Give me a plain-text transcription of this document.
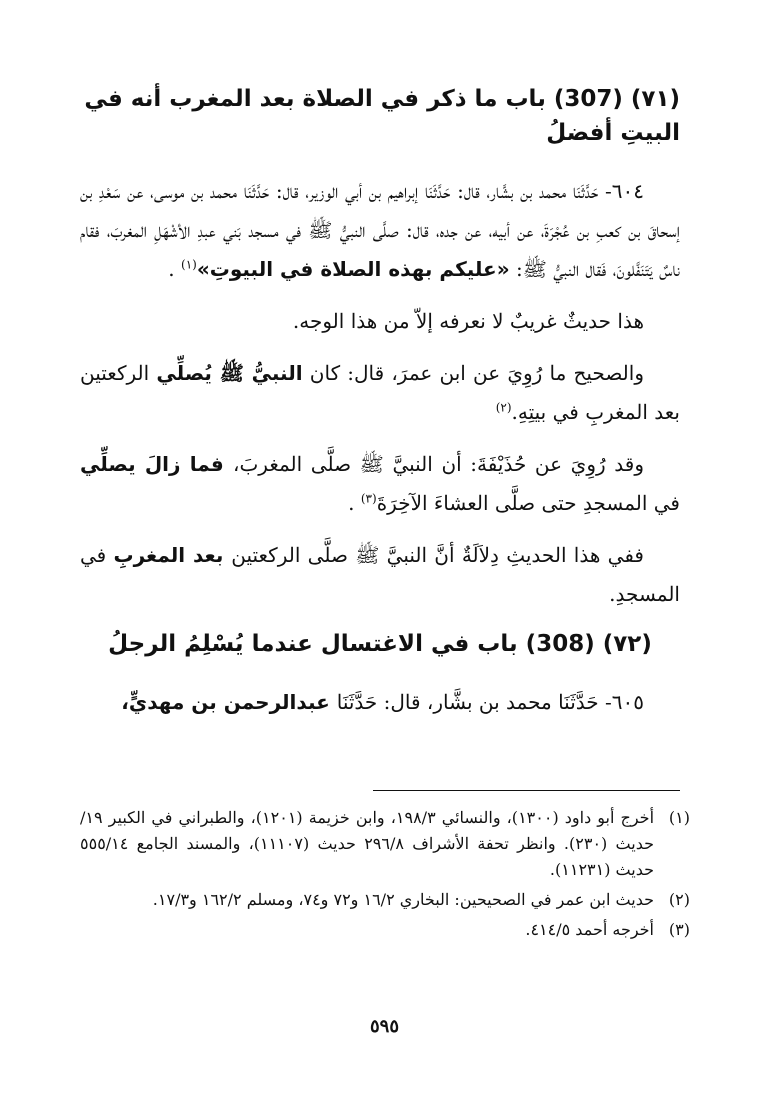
(٧١) (307) باب ما ذكر في الصلاة بعد المغرب أنه في البيتِ أفضلُ

٦٠٤- حَدَّثَنَا محمد بن بشَّار، قال: حَدَّثَنَا إبراهيم بن أبي الوزير، قال: حَدَّثَنَا محمد بن موسى، عن سَعْدِ بن إسحاقَ بن كعبِ بن عُجْرَةَ، عن أبيه، عن جده، قال: صلَّى النبيُّ ﷺ في مسجد بَني عبدِ الأشْهَلِ المغربَ، فقام ناسٌ يَتَنَفَّلونَ، فَقال النبيُّ ﷺ: «عليكم بهذه الصلاة في البيوتِ»$^{(١)}$ .

هذا حديثٌ غريبٌ لا نعرفه إلاّ من هذا الوجه.

والصحيح ما رُوِيَ عن ابن عمرَ، قال: كان النبيُّ ﷺ يُصلِّي الركعتين بعد المغربِ في بيتِهِ.$^{(٢)}$

وقد رُوِيَ عن حُذَيْفَةَ: أن النبيَّ ﷺ صلَّى المغربَ، فما زالَ يصلِّي في المسجدِ حتى صلَّى العشاءَ الآخِرَةَ$^{(٣)}$ .

ففي هذا الحديثِ دِلاَلَةٌ أنَّ النبيَّ ﷺ صلَّى الركعتين بعد المغربِ في المسجدِ.

(٧٢) (308) باب في الاغتسال عندما يُسْلِمُ الرجلُ

٦٠٥- حَدَّثَنَا محمد بن بشَّار، قال: حَدَّثَنَا عبدالرحمن بن مهديٍّ،

(١)
أخرج أبو داود (١٣٠٠)، والنسائي ١٩٨/٣، وابن خزيمة (١٢٠١)، والطبراني في الكبير ١٩/ حديث (٢٣٠). وانظر تحفة الأشراف ٢٩٦/٨ حديث (١١١٠٧)، والمسند الجامع ٥٥٥/١٤ حديث (١١٢٣١).
(٢)
حديث ابن عمر في الصحيحين: البخاري ١٦/٢ و٧٢ و٧٤، ومسلم ١٦٢/٢ و١٧/٣.
(٣)
أخرجه أحمد ٤١٤/٥.
٥٩٥
